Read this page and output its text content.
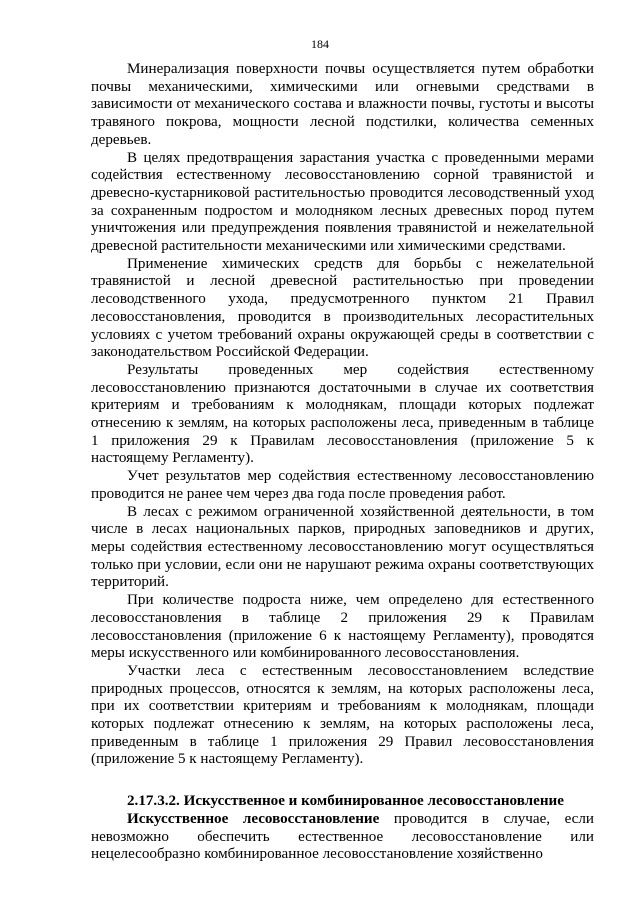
184

Минерализация поверхности почвы осуществляется путем обработки почвы механическими, химическими или огневыми средствами в зависимости от механического состава и влажности почвы, густоты и высоты травяного покрова, мощности лесной подстилки, количества семенных деревьев.

В целях предотвращения зарастания участка с проведенными мерами содействия естественному лесовосстановлению сорной травянистой и древесно-кустарниковой растительностью проводится лесоводственный уход за сохраненным подростом и молодняком лесных древесных пород путем уничтожения или предупреждения появления травянистой и нежелательной древесной растительности механическими или химическими средствами.

Применение химических средств для борьбы с нежелательной травянистой и лесной древесной растительностью при проведении лесоводственного ухода, предусмотренного пунктом 21 Правил лесовосстановления, проводится в производительных лесорастительных условиях с учетом требований охраны окружающей среды в соответствии с законодательством Российской Федерации.

Результаты проведенных мер содействия естественному лесовосстановлению признаются достаточными в случае их соответствия критериям и требованиям к молоднякам, площади которых подлежат отнесению к землям, на которых расположены леса, приведенным в таблице 1 приложения 29 к Правилам лесовосстановления (приложение 5 к настоящему Регламенту).

Учет результатов мер содействия естественному лесовосстановлению проводится не ранее чем через два года после проведения работ.

В лесах с режимом ограниченной хозяйственной деятельности, в том числе в лесах национальных парков, природных заповедников и других, меры содействия естественному лесовосстановлению могут осуществляться только при условии, если они не нарушают режима охраны соответствующих территорий.

При количестве подроста ниже, чем определено для естественного лесовосстановления в таблице 2 приложения 29 к Правилам лесовосстановления (приложение 6 к настоящему Регламенту), проводятся меры искусственного или комбинированного лесовосстановления.

Участки леса с естественным лесовосстановлением вследствие природных процессов, относятся к землям, на которых расположены леса, при их соответствии критериям и требованиям к молоднякам, площади которых подлежат отнесению к землям, на которых расположены леса, приведенным в таблице 1 приложения 29 Правил лесовосстановления (приложение 5 к настоящему Регламенту).

2.17.3.2. Искусственное и комбинированное лесовосстановление

Искусственное лесовосстановление проводится в случае, если невозможно обеспечить естественное лесовосстановление или нецелесообразно комбинированное лесовосстановление хозяйственно
